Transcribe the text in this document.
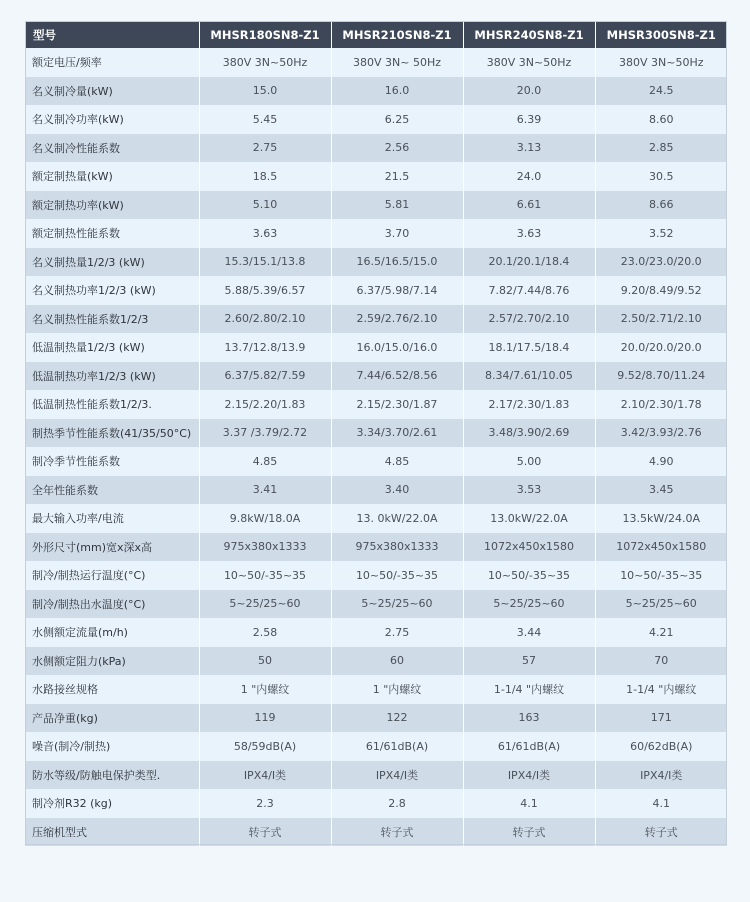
型号	MHSR180SN8-Z1	MHSR210SN8-Z1	MHSR240SN8-Z1	MHSR300SN8-Z1
额定电压/频率	380V 3N~50Hz	380V 3N~ 50Hz	380V 3N~50Hz	380V 3N~50Hz
名义制冷量(kW)	15.0	16.0	20.0	24.5
名义制冷功率(kW)	5.45	6.25	6.39	8.60
名义制冷性能系数	2.75	2.56	3.13	2.85
额定制热量(kW)	18.5	21.5	24.0	30.5
额定制热功率(kW)	5.10	5.81	6.61	8.66
额定制热性能系数	3.63	3.70	3.63	3.52
名义制热量1/2/3 (kW)	15.3/15.1/13.8	16.5/16.5/15.0	20.1/20.1/18.4	23.0/23.0/20.0
名义制热功率1/2/3 (kW)	5.88/5.39/6.57	6.37/5.98/7.14	7.82/7.44/8.76	9.20/8.49/9.52
名义制热性能系数1/2/3	2.60/2.80/2.10	2.59/2.76/2.10	2.57/2.70/2.10	2.50/2.71/2.10
低温制热量1/2/3 (kW)	13.7/12.8/13.9	16.0/15.0/16.0	18.1/17.5/18.4	20.0/20.0/20.0
低温制热功率1/2/3 (kW)	6.37/5.82/7.59	7.44/6.52/8.56	8.34/7.61/10.05	9.52/8.70/11.24
低温制热性能系数1/2/3.	2.15/2.20/1.83	2.15/2.30/1.87	2.17/2.30/1.83	2.10/2.30/1.78
制热季节性能系数(41/35/50°C)	3.37 /3.79/2.72	3.34/3.70/2.61	3.48/3.90/2.69	3.42/3.93/2.76
制冷季节性能系数	4.85	4.85	5.00	4.90
全年性能系数	3.41	3.40	3.53	3.45
最大输入功率/电流	9.8kW/18.0A	13. 0kW/22.0A	13.0kW/22.0A	13.5kW/24.0A
外形尺寸(mm)宽x深x高	975x380x1333	975x380x1333	1072x450x1580	1072x450x1580
制冷/制热运行温度(°C)	10~50/-35~35	10~50/-35~35	10~50/-35~35	10~50/-35~35
制冷/制热出水温度(°C)	5~25/25~60	5~25/25~60	5~25/25~60	5~25/25~60
水侧额定流量(m/h)	2.58	2.75	3.44	4.21
水侧额定阻力(kPa)	50	60	57	70
水路接丝规格	1 "内螺纹	1 "内螺纹	1-1/4 "内螺纹	1-1/4 "内螺纹
产品净重(kg)	119	122	163	171
噪音(制冷/制热)	58/59dB(A)	61/61dB(A)	61/61dB(A)	60/62dB(A)
防水等级/防触电保护类型.	IPX4/I类	IPX4/I类	IPX4/I类	IPX4/I类
制冷剂R32 (kg)	2.3	2.8	4.1	4.1
压缩机型式	转子式	转子式	转子式	转子式
